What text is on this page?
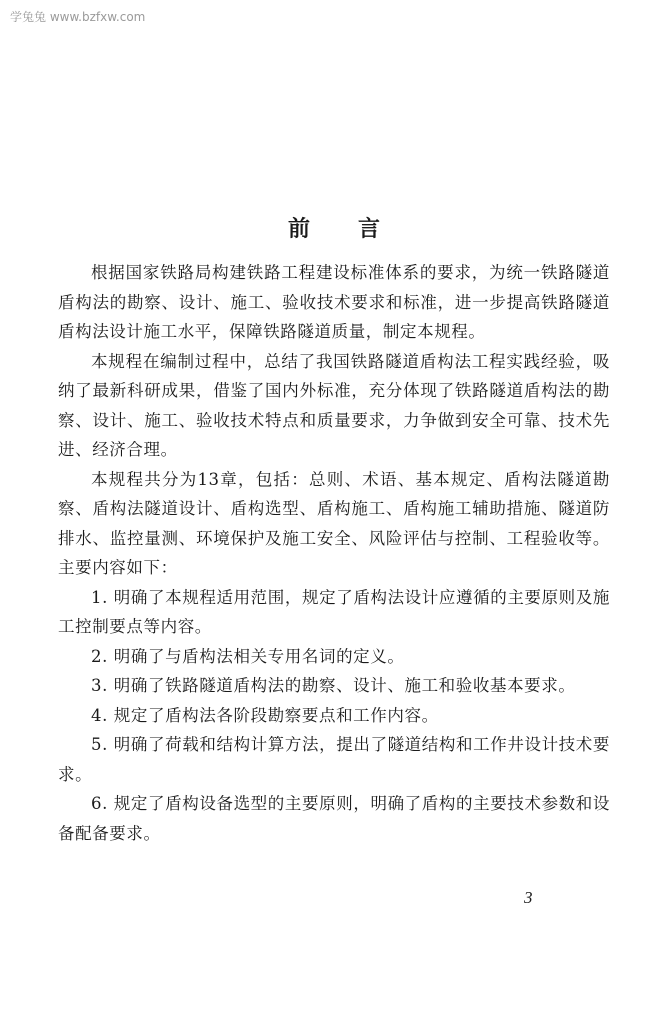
学兔兔 www.bzfxw.com
前言

根据国家铁路局构建铁路工程建设标准体系的要求，为统一铁路隧道盾构法的勘察、设计、施工、验收技术要求和标准，进一步提高铁路隧道盾构法设计施工水平，保障铁路隧道质量，制定本规程。

本规程在编制过程中，总结了我国铁路隧道盾构法工程实践经验，吸纳了最新科研成果，借鉴了国内外标准，充分体现了铁路隧道盾构法的勘察、设计、施工、验收技术特点和质量要求，力争做到安全可靠、技术先进、经济合理。

本规程共分为13章，包括：总则、术语、基本规定、盾构法隧道勘察、盾构法隧道设计、盾构选型、盾构施工、盾构施工辅助措施、隧道防排水、监控量测、环境保护及施工安全、风险评估与控制、工程验收等。主要内容如下：

1. 明确了本规程适用范围，规定了盾构法设计应遵循的主要原则及施工控制要点等内容。

2. 明确了与盾构法相关专用名词的定义。

3. 明确了铁路隧道盾构法的勘察、设计、施工和验收基本要求。

4. 规定了盾构法各阶段勘察要点和工作内容。

5. 明确了荷载和结构计算方法，提出了隧道结构和工作井设计技术要求。

6. 规定了盾构设备选型的主要原则，明确了盾构的主要技术参数和设备配备要求。

3
